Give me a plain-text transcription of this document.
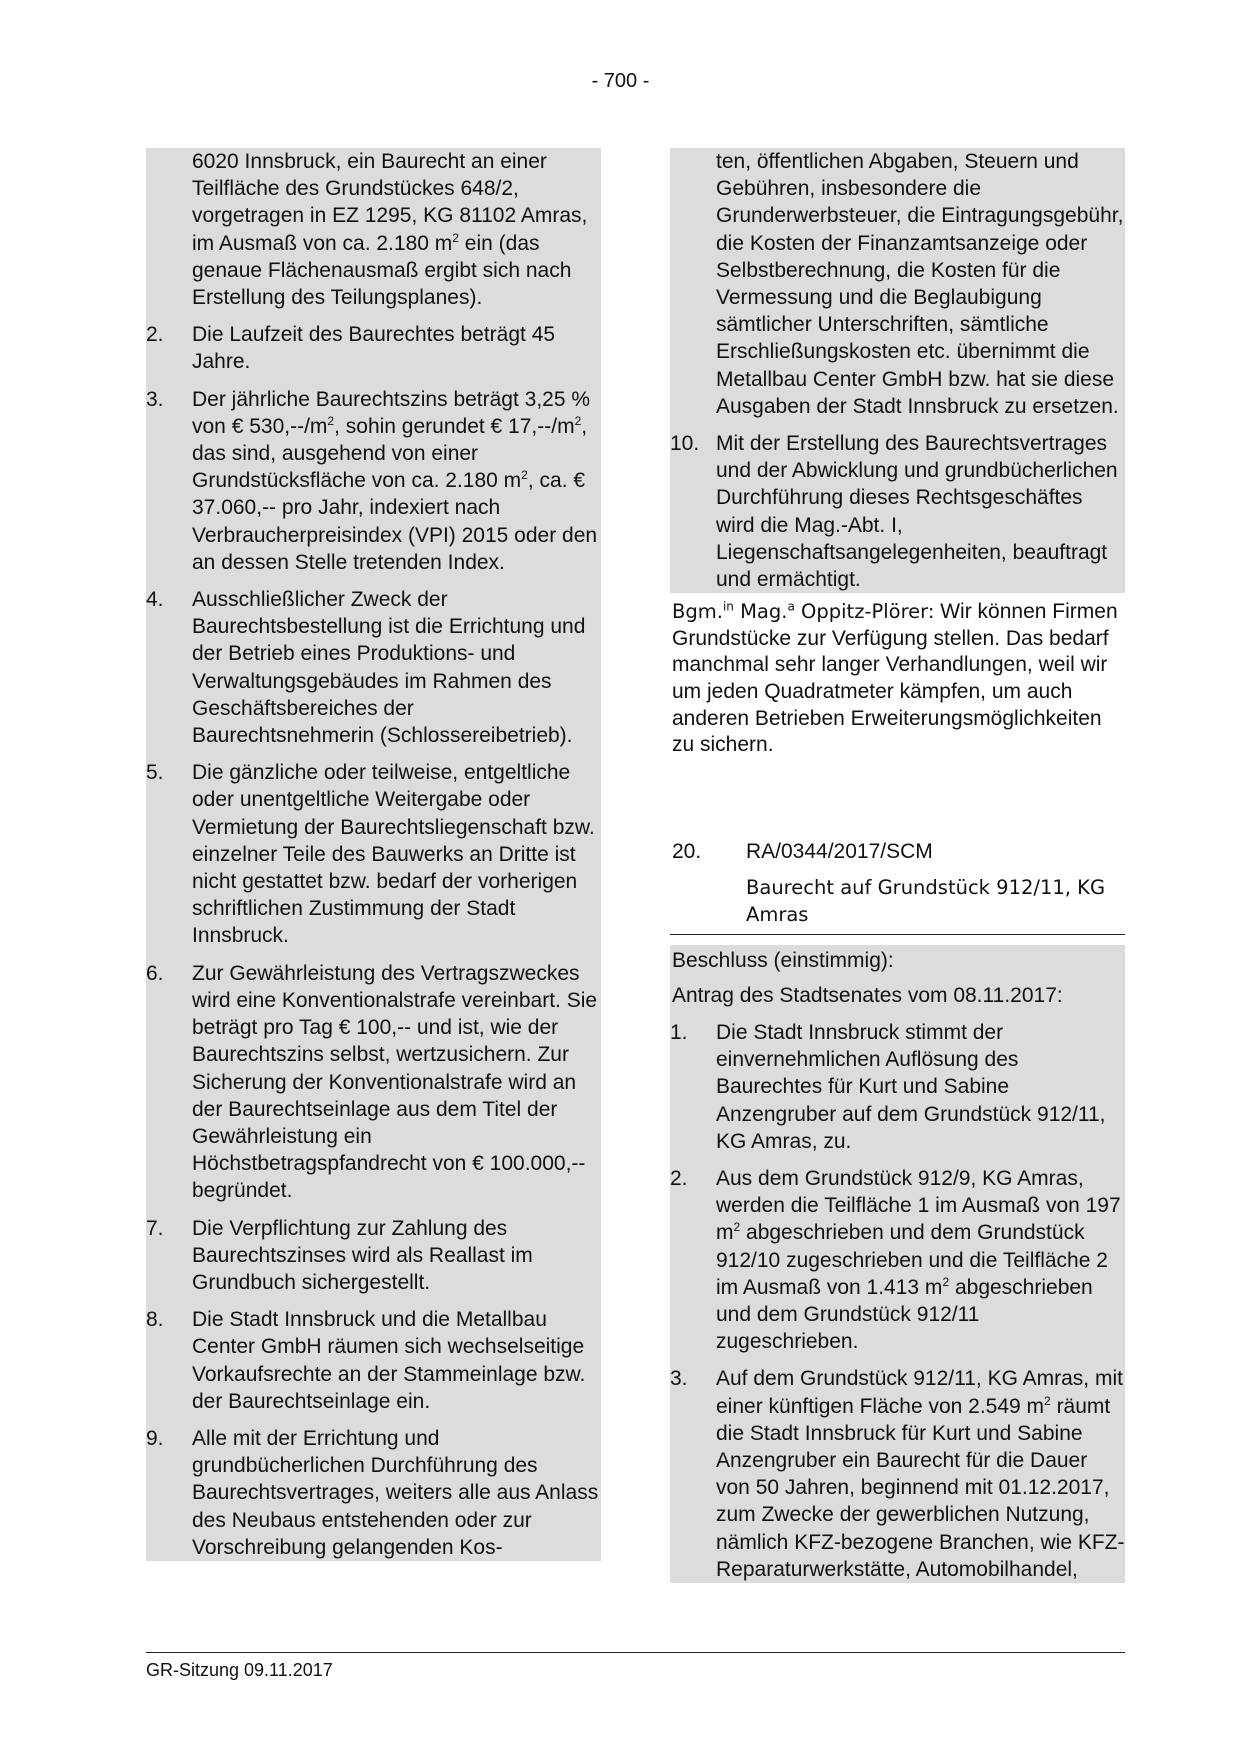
- 700 -
6020 Innsbruck, ein Baurecht an einer Teilfläche des Grundstückes 648/2, vorgetragen in EZ 1295, KG 81102 Amras, im Ausmaß von ca. 2.180 $m^2$ ein (das genaue Flächenausmaß ergibt sich nach Erstellung des Teilungsplanes).
2.	Die Laufzeit des Baurechtes beträgt 45 Jahre.
3.	Der jährliche Baurechtszins beträgt 3,25 % von € $530,--/m^2$, sohin gerundet € $17,--/m^2$, das sind, ausgehend von einer Grundstücksfläche von ca. 2.180 $m^2$, ca. € 37.060,-- pro Jahr, indexiert nach Verbraucherpreisindex (VPI) 2015 oder den an dessen Stelle tretenden Index.
4.	Ausschließlicher Zweck der Baurechtsbestellung ist die Errichtung und der Betrieb eines Produktions- und Verwaltungsgebäudes im Rahmen des Geschäftsbereiches der Baurechtsnehmerin (Schlossereibetrieb).
5.	Die gänzliche oder teilweise, entgeltliche oder unentgeltliche Weitergabe oder Vermietung der Baurechtsliegenschaft bzw. einzelner Teile des Bauwerks an Dritte ist nicht gestattet bzw. bedarf der vorherigen schriftlichen Zustimmung der Stadt Innsbruck.
6.	Zur Gewährleistung des Vertragszweckes wird eine Konventionalstrafe vereinbart. Sie beträgt pro Tag € 100,-- und ist, wie der Baurechtszins selbst, wertzusichern. Zur Sicherung der Konventionalstrafe wird an der Baurechtseinlage aus dem Titel der Gewährleistung ein Höchstbetragspfandrecht von € 100.000,-- begründet.
7.	Die Verpflichtung zur Zahlung des Baurechtszinses wird als Reallast im Grundbuch sichergestellt.
8.	Die Stadt Innsbruck und die Metallbau Center GmbH räumen sich wechselseitige Vorkaufsrechte an der Stammeinlage bzw. der Baurechtseinlage ein.
9.	Alle mit der Errichtung und grundbücherlichen Durchführung des Baurechtsvertrages, weiters alle aus Anlass des Neubaus entstehenden oder zur Vorschreibung gelangenden Kos-
ten, öffentlichen Abgaben, Steuern und Gebühren, insbesondere die Grunderwerbsteuer, die Eintragungsgebühr, die Kosten der Finanzamtsanzeige oder Selbstberechnung, die Kosten für die Vermessung und die Beglaubigung sämtlicher Unterschriften, sämtliche Erschließungskosten etc. übernimmt die Metallbau Center GmbH bzw. hat sie diese Ausgaben der Stadt Innsbruck zu ersetzen.
10. Mit der Erstellung des Baurechtsvertrages und der Abwicklung und grundbücherlichen Durchführung dieses Rechtsgeschäftes wird die Mag.-Abt. I, Liegenschaftsangelegenheiten, beauftragt und ermächtigt.
Bgm.$^{in}$ Mag.$^a$ Oppitz-Plörer: Wir können Firmen Grundstücke zur Verfügung stellen. Das bedarf manchmal sehr langer Verhandlungen, weil wir um jeden Quadratmeter kämpfen, um auch anderen Betrieben Erweiterungsmöglichkeiten zu sichern.
20.	RA/0344/2017/SCM
Baurecht auf Grundstück 912/11, KG Amras
Beschluss (einstimmig):
Antrag des Stadtsenates vom 08.11.2017:
1.	Die Stadt Innsbruck stimmt der einvernehmlichen Auflösung des Baurechtes für Kurt und Sabine Anzengruber auf dem Grundstück 912/11, KG Amras, zu.
2.	Aus dem Grundstück 912/9, KG Amras, werden die Teilfläche 1 im Ausmaß von 197 $m^2$ abgeschrieben und dem Grundstück 912/10 zugeschrieben und die Teilfläche 2 im Ausmaß von 1.413 $m^2$ abgeschrieben und dem Grundstück 912/11 zugeschrieben.
3.	Auf dem Grundstück 912/11, KG Amras, mit einer künftigen Fläche von 2.549 $m^2$ räumt die Stadt Innsbruck für Kurt und Sabine Anzengruber ein Baurecht für die Dauer von 50 Jahren, beginnend mit 01.12.2017, zum Zwecke der gewerblichen Nutzung, nämlich KFZ-bezogene Branchen, wie KFZ-Reparaturwerkstätte, Automobilhandel,
GR-Sitzung 09.11.2017
